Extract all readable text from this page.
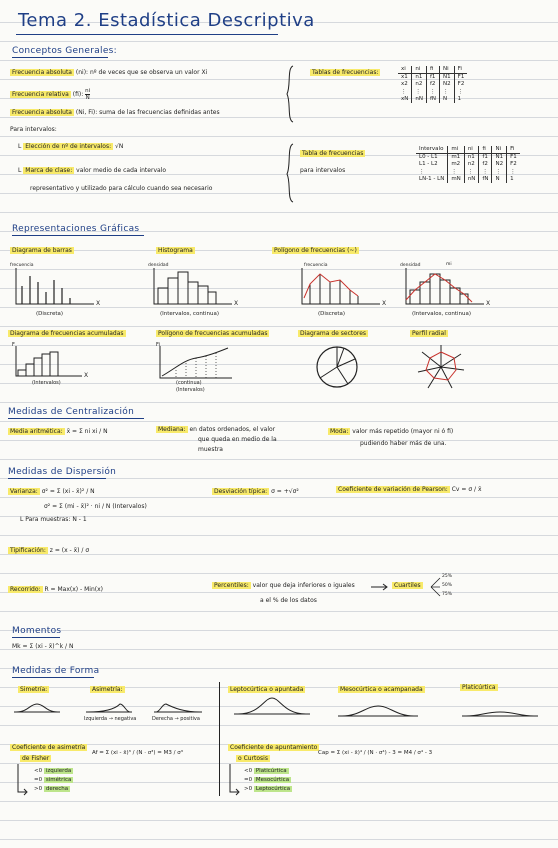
Tema 2. Estadística Descriptiva
Conceptos Generales:
Frecuencia absoluta (ni): nº de veces que se observa un valor Xi
Frecuencia relativa (fi): $\frac{ni}{N}$
Frecuencia absoluta (Ni, Fi): suma de las frecuencias definidas antes
Para intervalos:
L Elección de nº de intervalos: √N
L Marca de clase: valor medio de cada intervalo
representativo y utilizado para cálculo cuando sea necesario
Tablas de frecuencias:	xi	ni	fi	Ni	Fi
x1	n1	f1	N1	F1
x2	n2	f2	N2	F2
⋮	⋮	⋮	⋮	⋮
xN	nN	fN	N	1
Tabla de frecuencias
para intervalos
Intervalo	mi	ni	fi	Ni	Fi
L0 - L1	m1	n1	f1	N1	F1
L1 - L2	m2	n2	f2	N2	F2
⋮	⋮	⋮	⋮	⋮	⋮
LN-1 - LN	mN	nN	fN	N	1
Representaciones Gráficas
Diagrama de barras	Histograma	Polígono de frecuencias (~)
frecuencia	densidad	frecuencia	densidad	mi
X	X	X	X
(Discreta)	(Intervalos, continua)	(Discreta)	(Intervalos, continua)
Diagrama de frecuencias acumuladas	Polígono de frecuencias acumuladas	Diagrama de sectores	Perfil radial
F	Fi
X
(Intervalos)	(continua)
(Intervalos)
Medidas de Centralización
Media aritmética: x̄ = Σ ni xi / N	Mediana: en datos ordenados, el valor
que queda en medio de la
muestra
Moda: valor más repetido (mayor ni ó fi)
pudiendo haber más de una.
Medidas de Dispersión
Varianza: σ² = Σ (xi - x̄)² / N
σ² = Σ (mi - x̄)² · ni / N (Intervalos)
L Para muestras: N - 1
Desviación típica: σ = +√σ²	Coeficiente de variación de Pearson: Cv = σ / x̄
Tipificación: z = (x - x̄) / σ
Recorrido: R = Max(x) - Min(x)
Percentiles: valor que deja inferiores o iguales
a el % de los datos
Cuartiles
25%
50%
75%
Momentos
Mk = Σ (xi - x̄)^k / N
Medidas de Forma
Simetría:	Asimetría:
Izquierda → negativa	Derecha → positiva
Leptocúrtica o apuntada	Mesocúrtica o acampanada	Platicúrtica
Coeficiente de asimetría
de Fisher
Af = Σ (xi - x̄)³ / (N · σ³) = M3 / σ³
<0 izquierda
=0 simétrica
>0 derecha
Coeficiente de apuntamiento
o Curtosis
Cap = Σ (xi - x̄)⁴ / (N · σ⁴) - 3 = M4 / σ⁴ - 3
<0 Platicúrtica
=0 Mesocúrtica
>0 Leptocúrtica
